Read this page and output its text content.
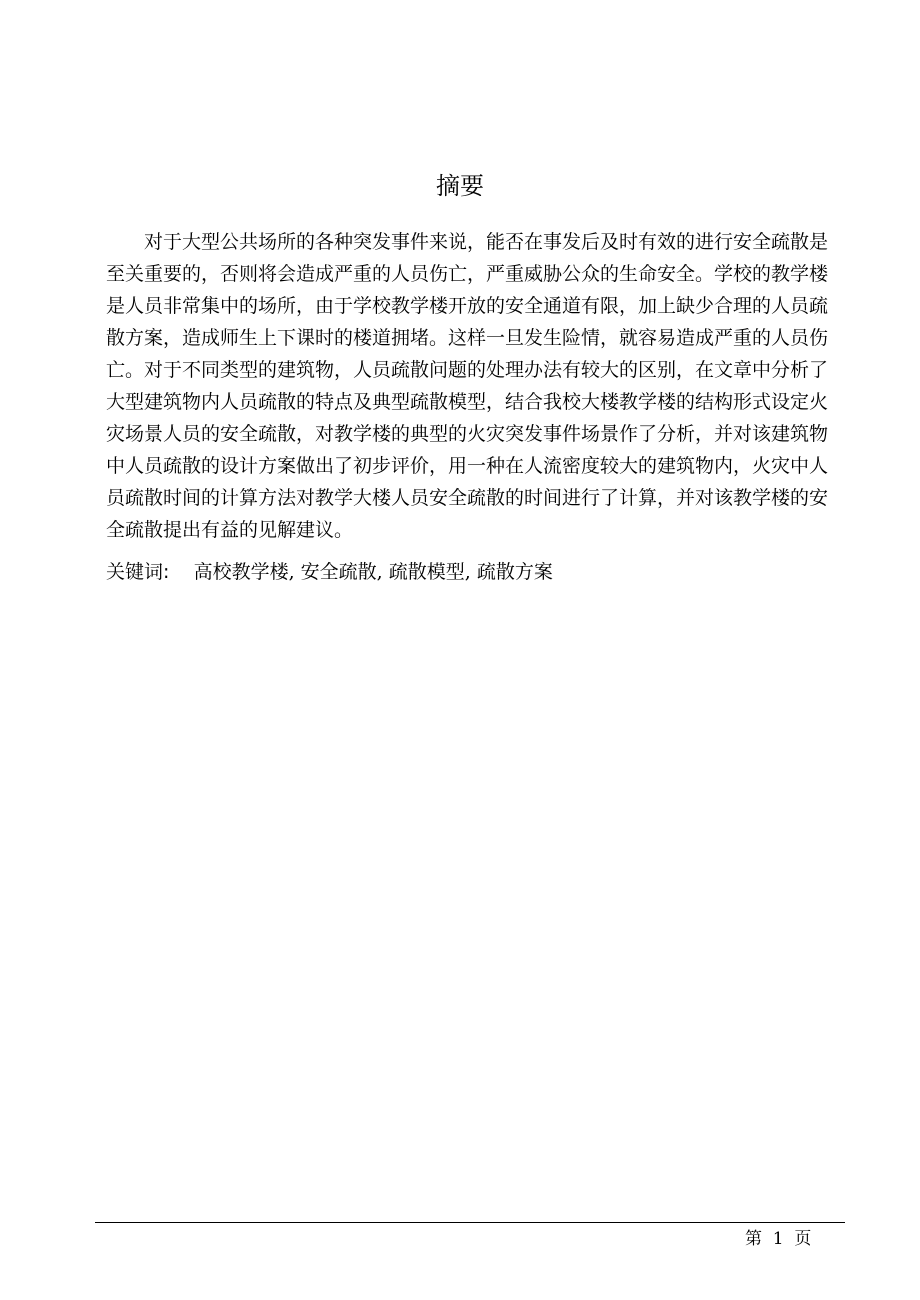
摘要

对于大型公共场所的各种突发事件来说，能否在事发后及时有效的进行安全疏散是至关重要的，否则将会造成严重的人员伤亡，严重威胁公众的生命安全。学校的教学楼是人员非常集中的场所，由于学校教学楼开放的安全通道有限，加上缺少合理的人员疏散方案，造成师生上下课时的楼道拥堵。这样一旦发生险情，就容易造成严重的人员伤亡。对于不同类型的建筑物，人员疏散问题的处理办法有较大的区别，在文章中分析了大型建筑物内人员疏散的特点及典型疏散模型，结合我校大楼教学楼的结构形式设定火灾场景人员的安全疏散，对教学楼的典型的火灾突发事件场景作了分析，并对该建筑物中人员疏散的设计方案做出了初步评价，用一种在人流密度较大的建筑物内，火灾中人员疏散时间的计算方法对教学大楼人员安全疏散的时间进行了计算，并对该教学楼的安全疏散提出有益的见解建议。

关键词: 高校教学楼, 安全疏散, 疏散模型, 疏散方案
第  1  页
